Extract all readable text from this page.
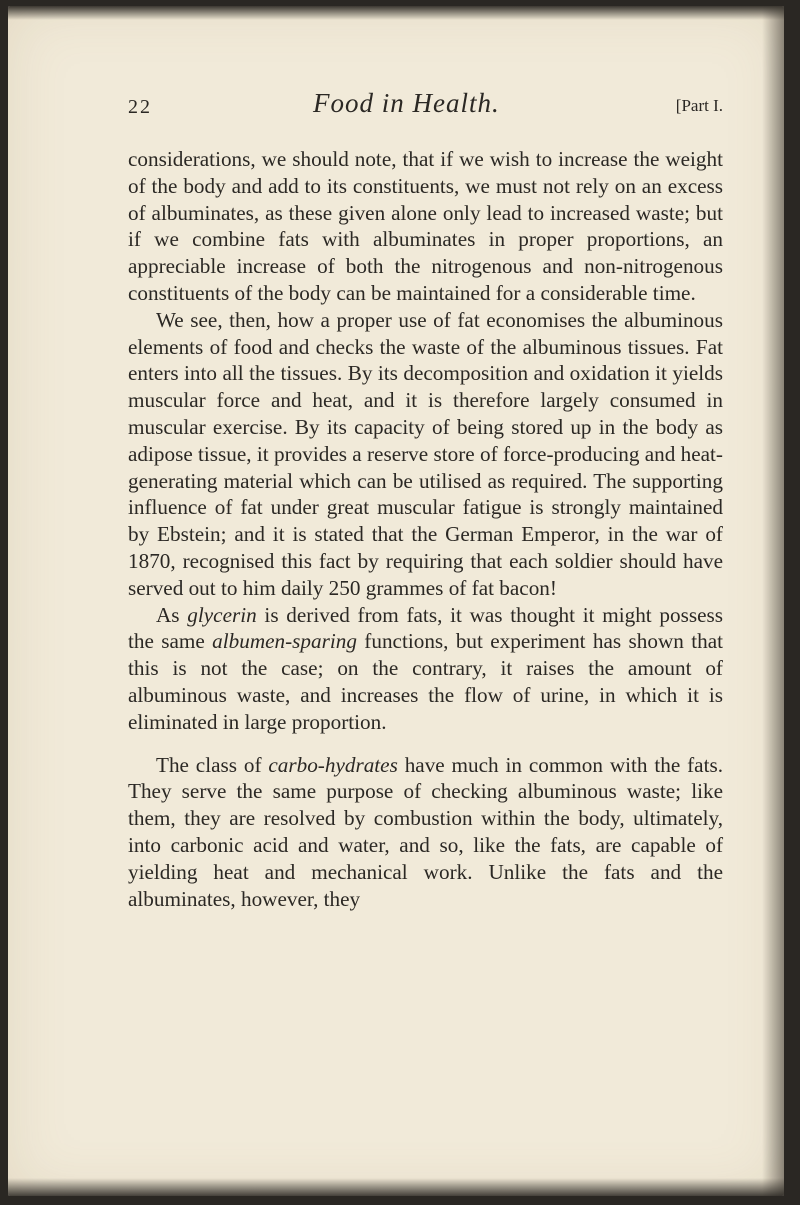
22	Food in Health.	[Part I.

considerations, we should note, that if we wish to increase the weight of the body and add to its constituents, we must not rely on an excess of albuminates, as these given alone only lead to increased waste; but if we combine fats with albuminates in proper proportions, an appreciable increase of both the nitrogenous and non-nitrogenous constituents of the body can be maintained for a considerable time.

We see, then, how a proper use of fat economises the albuminous elements of food and checks the waste of the albuminous tissues. Fat enters into all the tissues. By its decomposition and oxidation it yields muscular force and heat, and it is therefore largely consumed in muscular exercise. By its capacity of being stored up in the body as adipose tissue, it provides a reserve store of force-producing and heat-generating material which can be utilised as required. The supporting influence of fat under great muscular fatigue is strongly maintained by Ebstein; and it is stated that the German Emperor, in the war of 1870, recognised this fact by requiring that each soldier should have served out to him daily 250 grammes of fat bacon!

As glycerin is derived from fats, it was thought it might possess the same albumen-sparing functions, but experiment has shown that this is not the case; on the contrary, it raises the amount of albuminous waste, and increases the flow of urine, in which it is eliminated in large proportion.

The class of carbo-hydrates have much in common with the fats. They serve the same purpose of checking albuminous waste; like them, they are resolved by combustion within the body, ultimately, into carbonic acid and water, and so, like the fats, are capable of yielding heat and mechanical work. Unlike the fats and the albuminates, however, they
